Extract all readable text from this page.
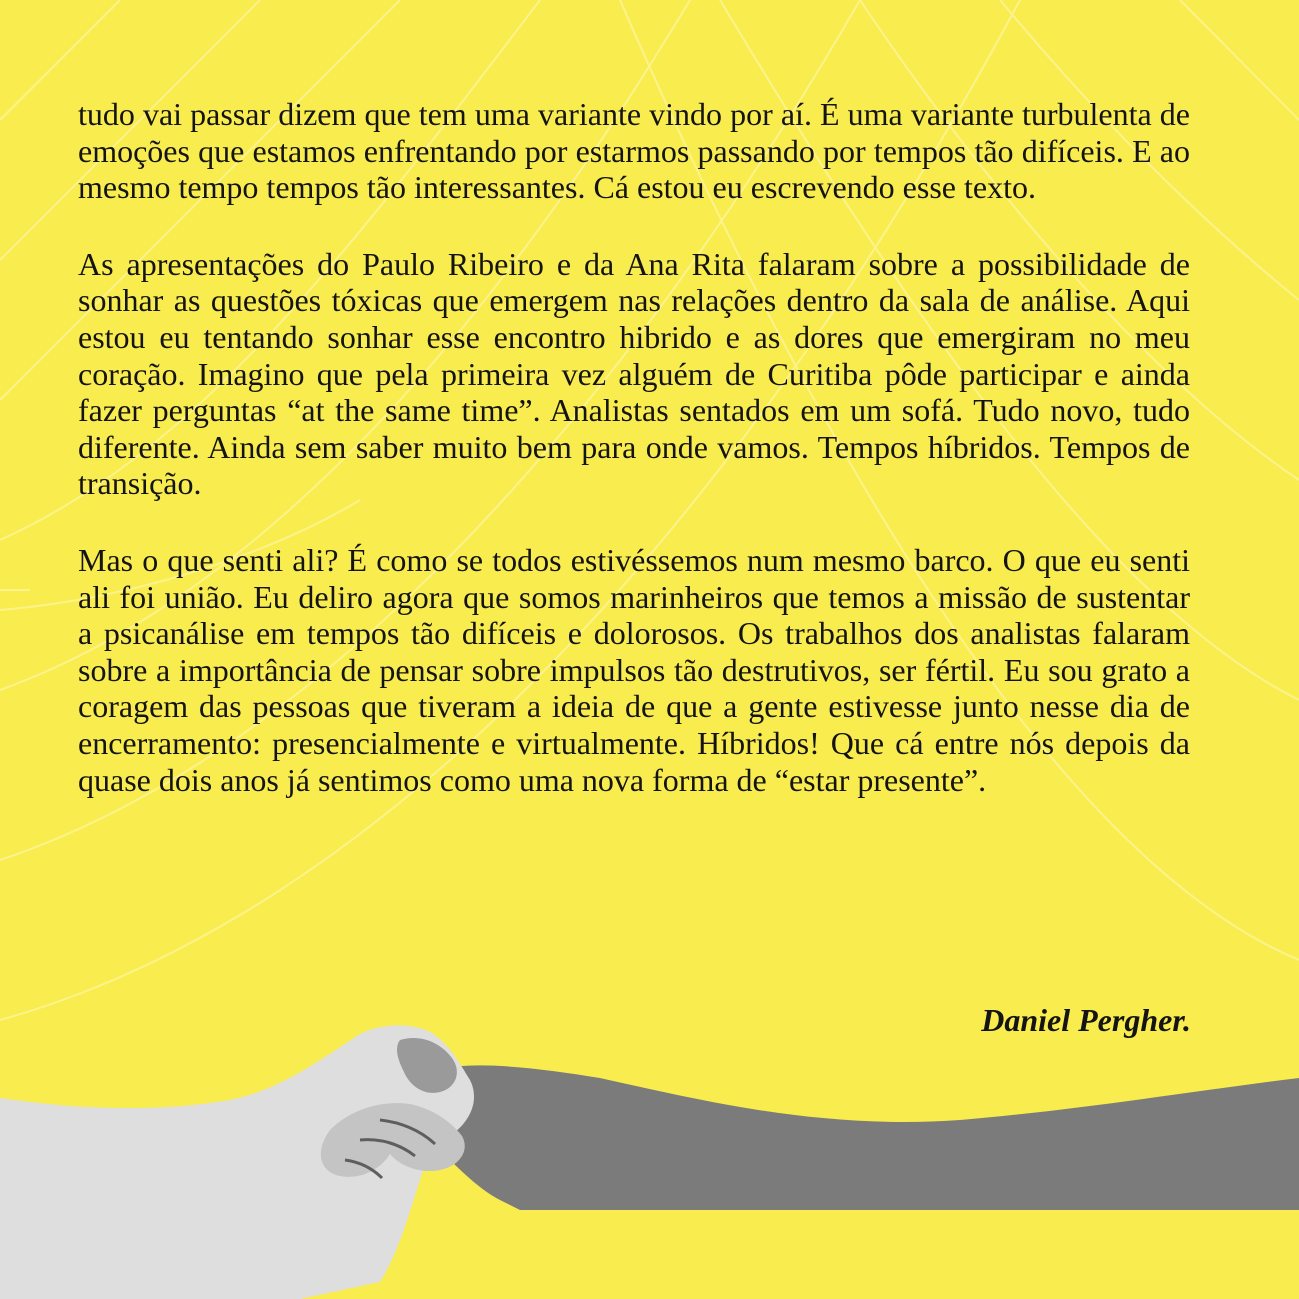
tudo vai passar dizem que tem uma variante vindo por aí. É uma variante turbulenta de emoções que estamos enfrentando por estarmos passando por tempos tão difíceis. E ao mesmo tempo tempos tão interessantes. Cá estou eu escrevendo esse texto.

As apresentações do Paulo Ribeiro e da Ana Rita falaram sobre a possibilidade de sonhar as questões tóxicas que emergem nas relações dentro da sala de análise. Aqui estou eu tentando sonhar esse encontro hibrido e as dores que emergiram no meu coração. Imagino que pela primeira vez alguém de Curitiba pôde participar e ainda fazer perguntas “at the same time”. Analistas sentados em um sofá. Tudo novo, tudo diferente. Ainda sem saber muito bem para onde vamos. Tempos híbridos. Tempos de transição.

Mas o que senti ali? É como se todos estivéssemos num mesmo barco. O que eu senti ali foi união. Eu deliro agora que somos marinheiros que temos a missão de sustentar a psicanálise em tempos tão difíceis e dolorosos. Os trabalhos dos analistas falaram sobre a importância de pensar sobre impulsos tão destrutivos, ser fértil. Eu sou grato a coragem das pessoas que tiveram a ideia de que a gente estivesse junto nesse dia de encerramento: presencialmente e virtualmente. Híbridos! Que cá entre nós depois da quase dois anos já sentimos como uma nova forma de “estar presente”.

Daniel Pergher.
